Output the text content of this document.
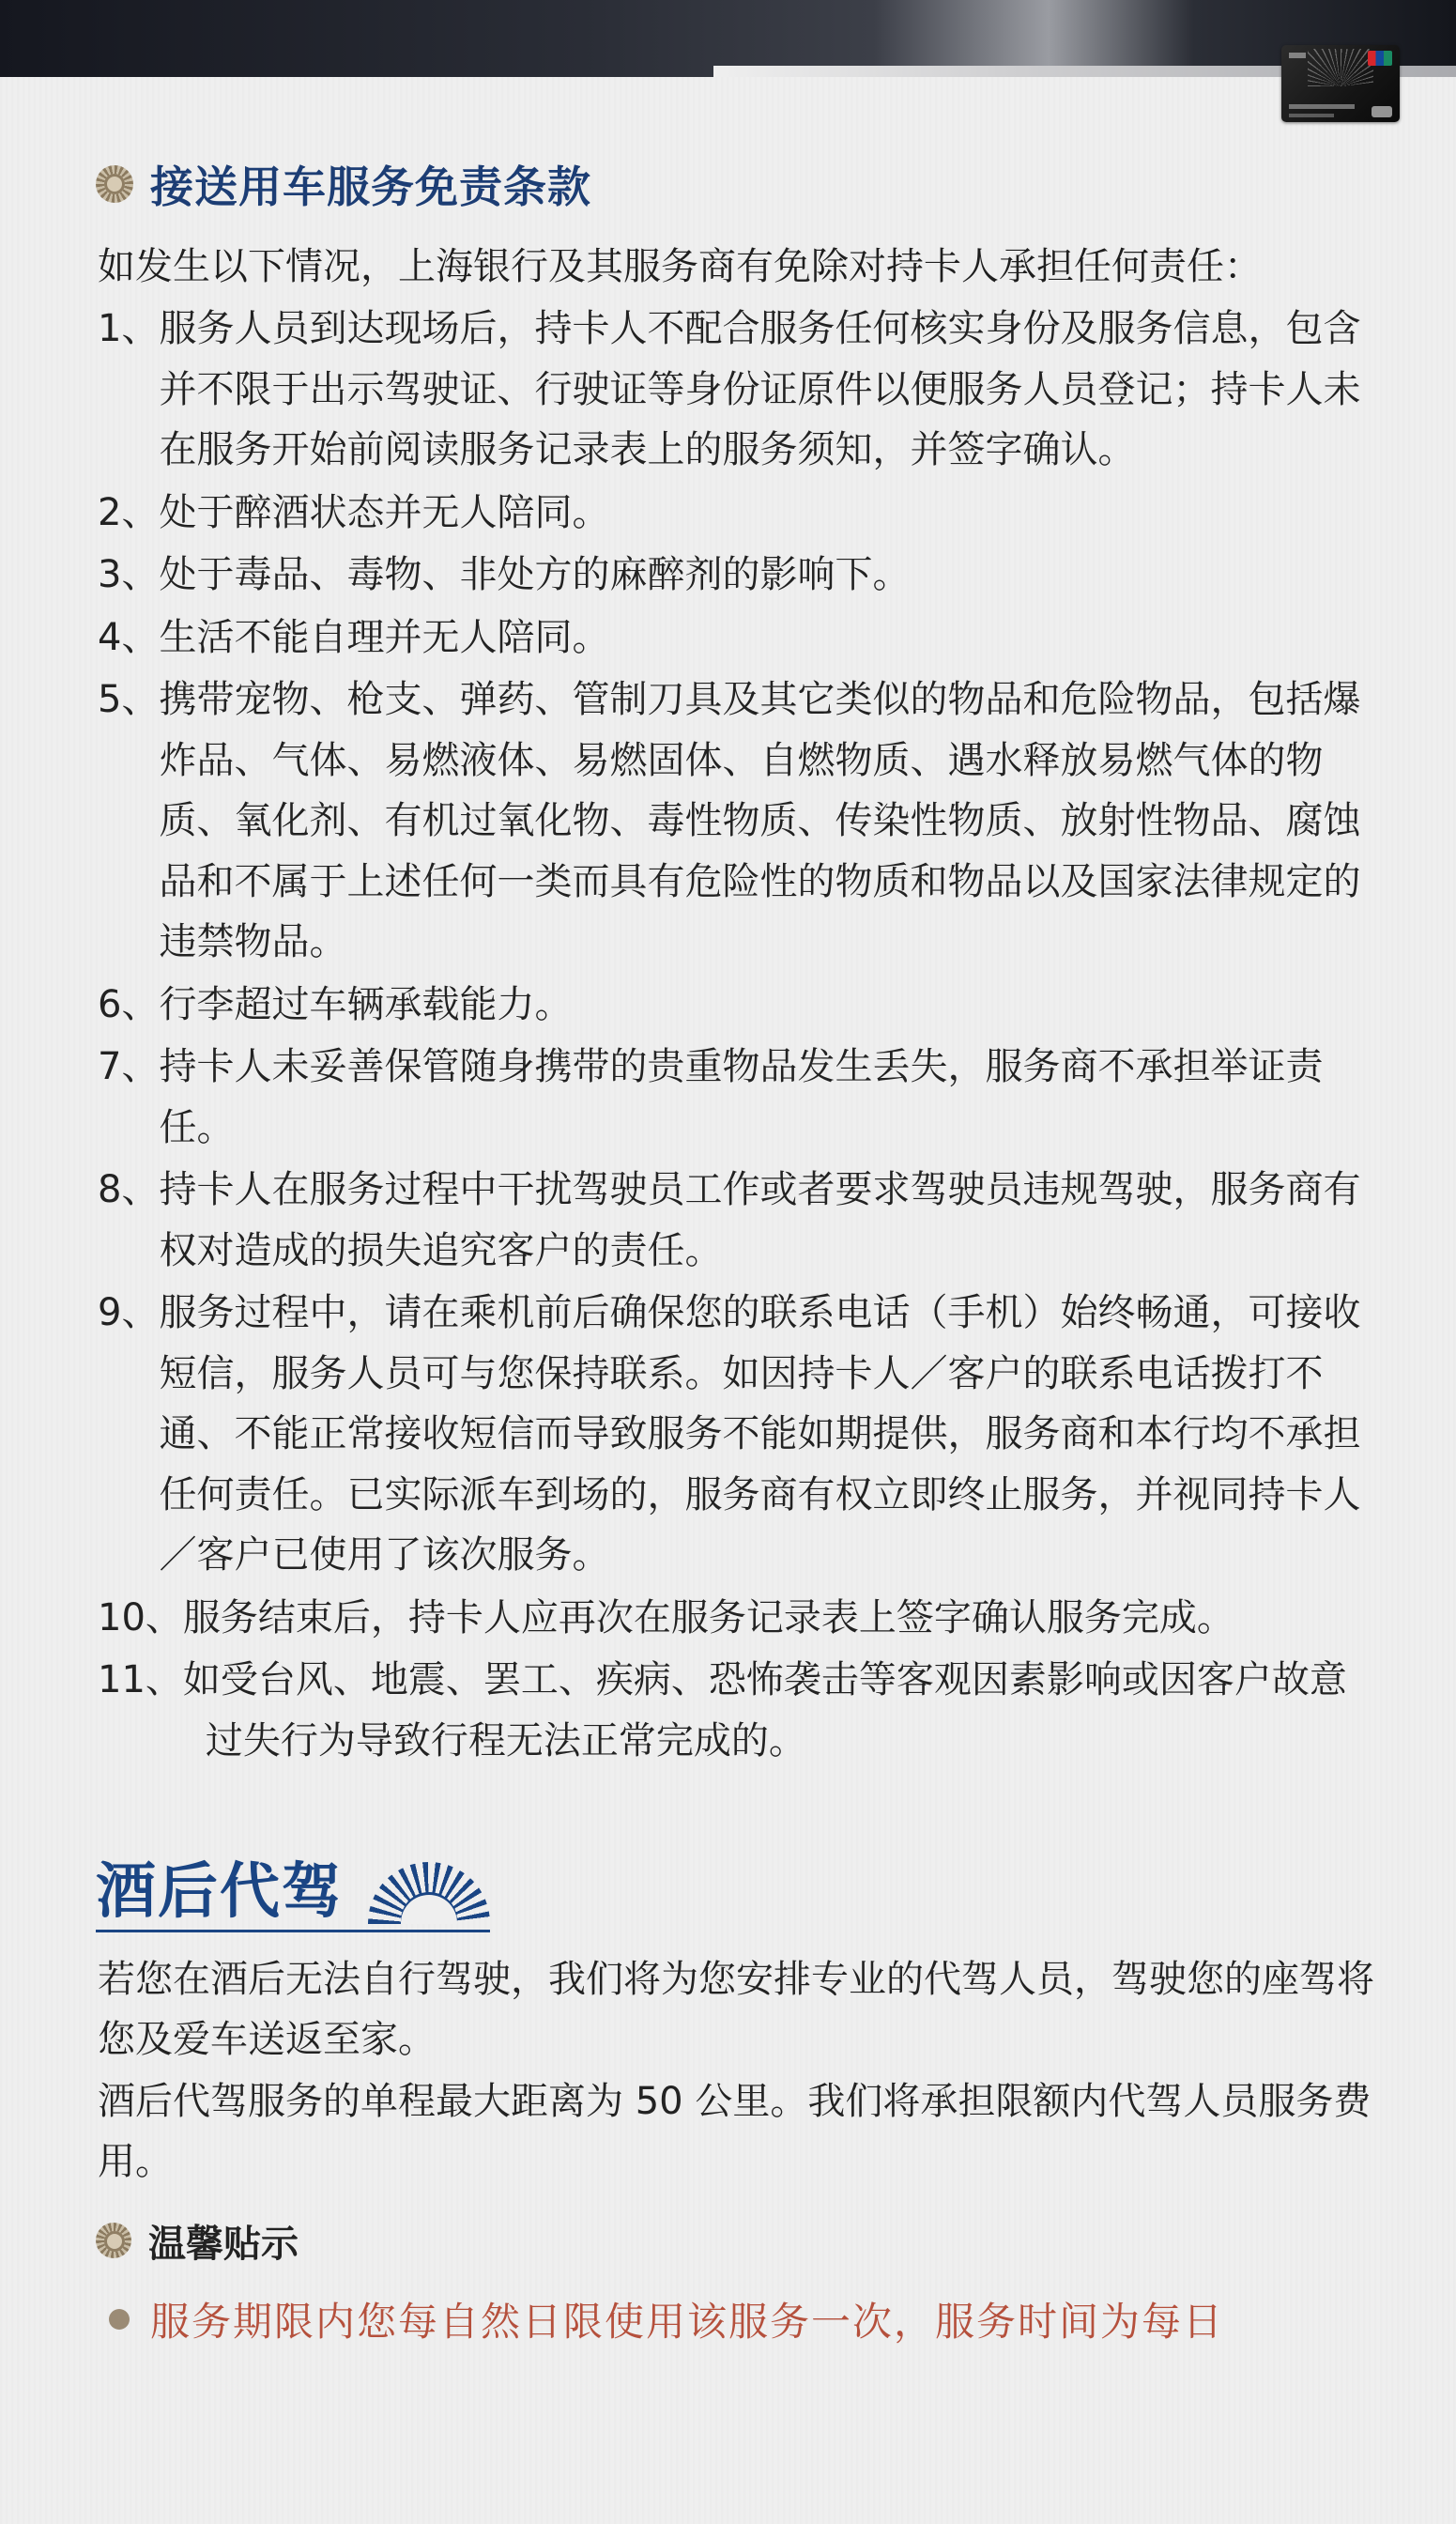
接送用车服务免责条款
如发生以下情况，上海银行及其服务商有免除对持卡人承担任何责任：
1、 服务人员到达现场后，持卡人不配合服务任何核实身份及服务信息，包含并不限于出示驾驶证、行驶证等身份证原件以便服务人员登记；持卡人未在服务开始前阅读服务记录表上的服务须知，并签字确认。
2、 处于醉酒状态并无人陪同。
3、 处于毒品、毒物、非处方的麻醉剂的影响下。
4、 生活不能自理并无人陪同。
5、 携带宠物、枪支、弹药、管制刀具及其它类似的物品和危险物品，包括爆炸品、气体、易燃液体、易燃固体、自燃物质、遇水释放易燃气体的物质、氧化剂、有机过氧化物、毒性物质、传染性物质、放射性物品、腐蚀品和不属于上述任何一类而具有危险性的物质和物品以及国家法律规定的违禁物品。
6、 行李超过车辆承载能力。
7、 持卡人未妥善保管随身携带的贵重物品发生丢失，服务商不承担举证责任。
8、 持卡人在服务过程中干扰驾驶员工作或者要求驾驶员违规驾驶，服务商有权对造成的损失追究客户的责任。
9、 服务过程中，请在乘机前后确保您的联系电话（手机）始终畅通，可接收短信，服务人员可与您保持联系。如因持卡人／客户的联系电话拨打不通、不能正常接收短信而导致服务不能如期提供，服务商和本行均不承担任何责任。已实际派车到场的，服务商有权立即终止服务，并视同持卡人／客户已使用了该次服务。
10、 服务结束后，持卡人应再次在服务记录表上签字确认服务完成。
11、 如受台风、地震、罢工、疾病、恐怖袭击等客观因素影响或因客户故意过失行为导致行程无法正常完成的。
酒后代驾
若您在酒后无法自行驾驶，我们将为您安排专业的代驾人员，驾驶您的座驾将您及爱车送返至家。
酒后代驾服务的单程最大距离为 50 公里。我们将承担限额内代驾人员服务费用。
温馨贴示
服务期限内您每自然日限使用该服务一次，服务时间为每日
